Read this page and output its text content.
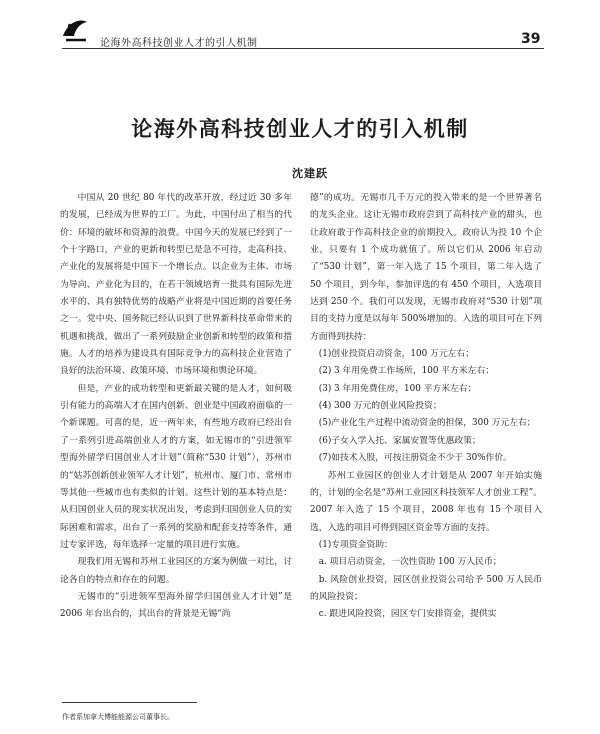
论海外高科技创业人才的引人机制	39
论海外高科技创业人才的引入机制
沈建跃

中国从 20 世纪 80 年代的改革开放，经过近 30 多年的发展，已经成为世界的工厂。为此，中国付出了相当的代价：环境的破坏和资源的浪费。中国今天的发展已经到了一个十字路口，产业的更新和转型已是急不可待，走高科技、产业化的发展将是中国下一个增长点。以企业为主体、市场为导向、产业化为目的，在若干领域培育一批具有国际先进水平的、具有独特优势的战略产业将是中国近期的首要任务之一。党中央、国务院已经认识到了世界新科技革命带来的机遇和挑战，做出了一系列鼓励企业创新和转型的政策和措施。人才的培养为建设具有国际竞争力的高科技企业营造了良好的法治环境、政策环境、市场环境和舆论环境。

但是，产业的成功转型和更新最关键的是人才，如何吸引有能力的高端人才在国内创新、创业是中国政府面临的一个新课题。可喜的是，近一两年来，有些地方政府已经出台了一系列引进高端创业人才的方案，如无锡市的“引进领军型海外留学归国创业人才计划”（简称“530 计划”），苏州市的“姑苏创新创业领军人才计划”，杭州市、厦门市、常州市等其他一些城市也有类似的计划。这些计划的基本特点是：从归国创业人员的现实状况出发，考虑到归国创业人员的实际困难和需求，出台了一系列的奖励和配套支持等条件，通过专家评选，每年选择一定量的项目进行实施。

现我们用无锡和苏州工业园区的方案为例做一对比，讨论各自的特点和存在的问题。

无锡市的“引进领军型海外留学归国创业人才计划”是 2006 年台出台的，其出台的背景是无锡“尚

德”的成功。无锡市几千万元的投入带来的是一个世界著名的龙头企业。这让无锡市政府尝到了高科技产业的甜头，也让政府敢于作高科技企业的前期投入。政府认为投 10 个企业，只要有 1 个成功就值了。所以它们从 2006 年启动了“530 计划”，第一年入选了 15 个项目，第二年入选了 50 个项目，到今年，参加评选的有 450 个项目，入选项目达到 250 个。我们可以发现，无锡市政府对“530 计划”项目的支持力度是以每年 500%增加的。入选的项目可在下列方面得到扶持：

(1)创业投资启动资金，100 万元左右；

(2) 3 年用免费工作场所，100 平方米左右；

(3) 3 年用免费住房，100 平方米左右；

(4) 300 万元的创业风险投资；

(5)产业化生产过程中流动资金的担保，300 万元左右；

(6)子女入学入托、家属安置等优惠政策；

(7)如技术入股，可按注册资金不少于 30%作价。

苏州工业园区的创业人才计划是从 2007 年开始实施的，计划的全名是“苏州工业园区科技领军人才创业工程”。2007 年入选了 15 个项目，2008 年也有 15 个项目入选，入选的项目可得到园区资金等方面的支持。

(1)专项资金资助：

a. 项目启动资金，一次性资助 100 万人民币；

b. 风险创业投资，园区创业投资公司给予 500 万人民币的风险投资；

c. 跟进风险投资，园区专门安排资金，提供实

作者系加拿大博能能源公司董事长。
